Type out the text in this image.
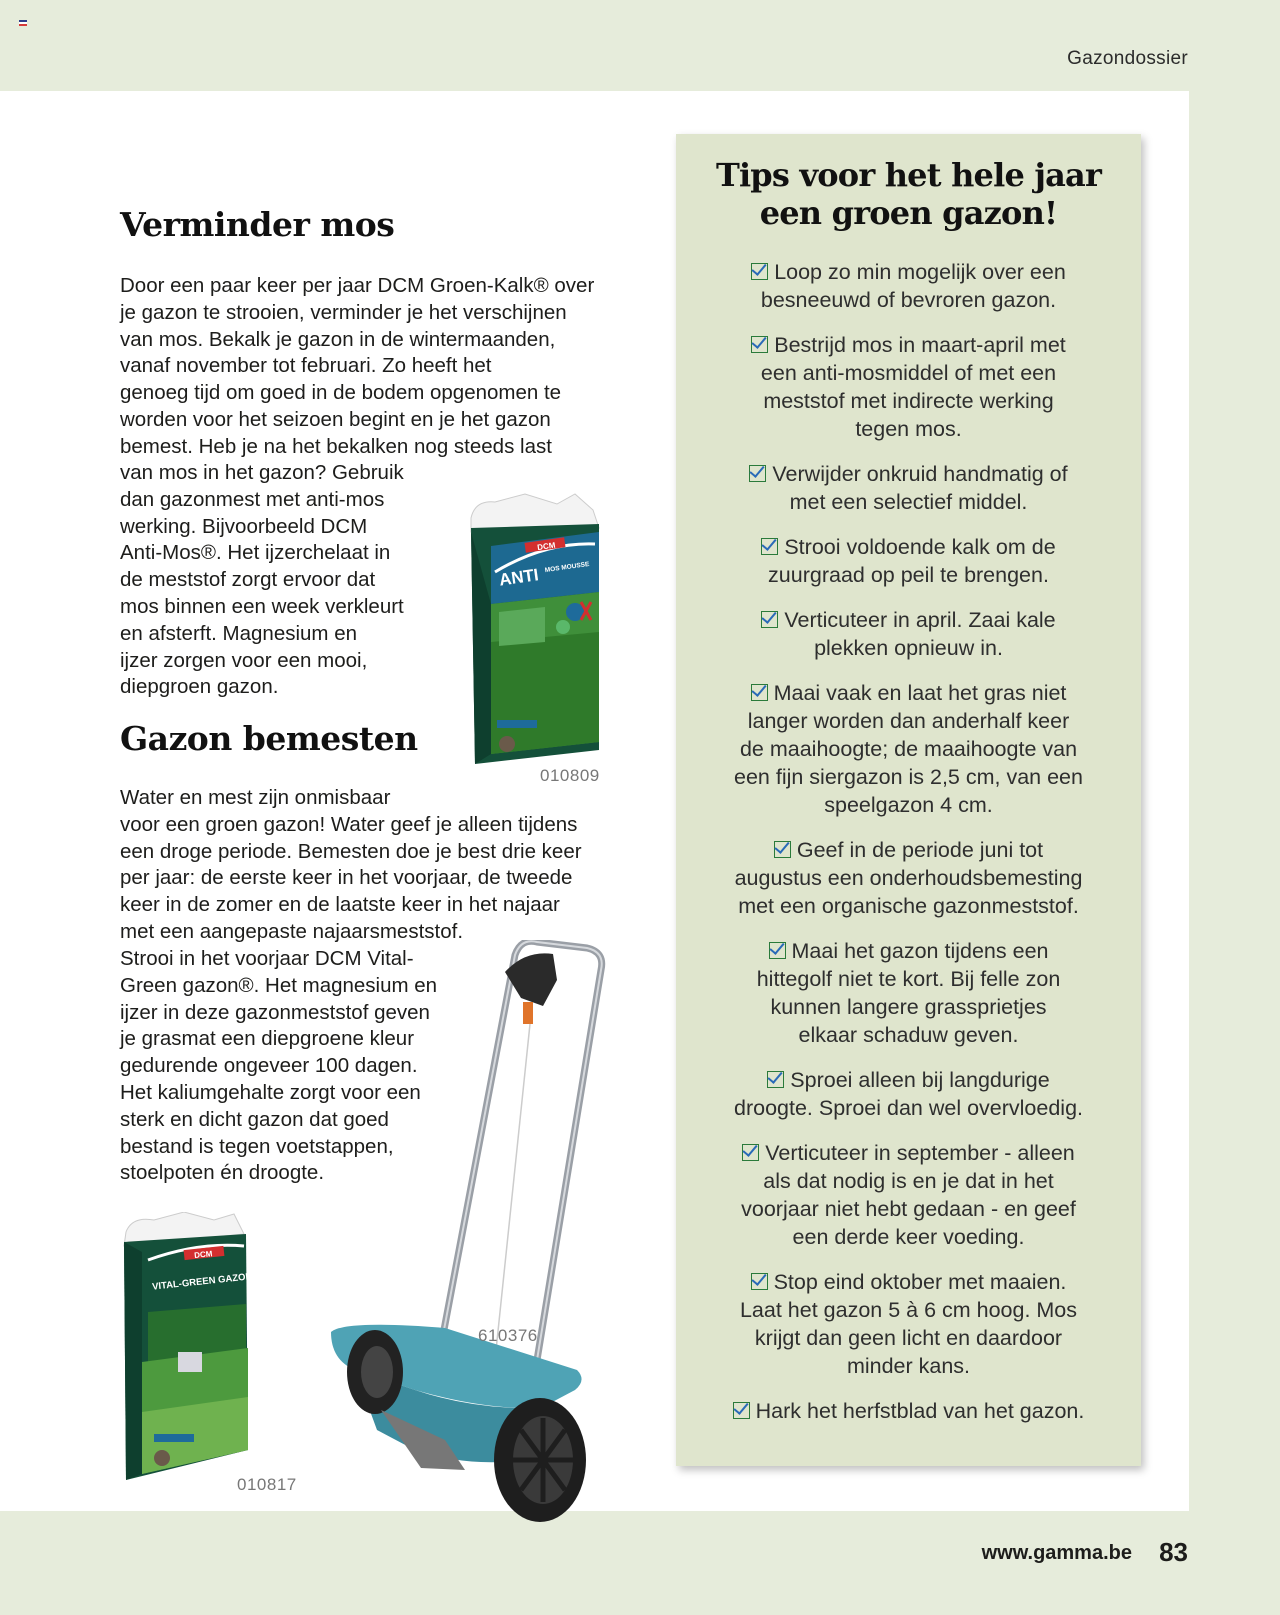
Gazondossier
Verminder mos

Door een paar keer per jaar DCM Groen-Kalk® over
je gazon te strooien, verminder je het verschijnen
van mos. Bekalk je gazon in de wintermaanden,
vanaf november tot februari. Zo heeft het
genoeg tijd om goed in de bodem opgenomen te
worden voor het seizoen begint en je het gazon
bemest. Heb je na het bekalken nog steeds last

van mos in het gazon? Gebruik
dan gazonmest met anti-mos
werking. Bijvoorbeeld DCM
Anti-Mos®. Het ijzerchelaat in
de meststof zorgt ervoor dat
mos binnen een week verkleurt
en afsterft. Magnesium en
ijzer zorgen voor een mooi,
diepgroen gazon.

DCM
ANTI MOS MOUSSE
010809
Gazon bemesten

Water en mest zijn onmisbaar
voor een groen gazon! Water geef je alleen tijdens
een droge periode. Bemesten doe je best drie keer
per jaar: de eerste keer in het voorjaar, de tweede
keer in de zomer en de laatste keer in het najaar
met een aangepaste najaarsmeststof.

Strooi in het voorjaar DCM Vital-
Green gazon®. Het magnesium en
ijzer in deze gazonmeststof geven
je grasmat een diepgroene kleur
gedurende ongeveer 100 dagen.
Het kaliumgehalte zorgt voor een
sterk en dicht gazon dat goed
bestand is tegen voetstappen,
stoelpoten én droogte.

610376
DCM
VITAL-GREEN GAZON
010817
Tips voor het hele jaar
een groen gazon!
Loop zo min mogelijk over een
besneeuwd of bevroren gazon.
Bestrijd mos in maart-april met
een anti-mosmiddel of met een
meststof met indirecte werking
tegen mos.
Verwijder onkruid handmatig of
met een selectief middel.
Strooi voldoende kalk om de
zuurgraad op peil te brengen.
Verticuteer in april. Zaai kale
plekken opnieuw in.
Maai vaak en laat het gras niet
langer worden dan anderhalf keer
de maaihoogte; de maaihoogte van
een fijn siergazon is 2,5 cm, van een
speelgazon 4 cm.
Geef in de periode juni tot
augustus een onderhoudsbemesting
met een organische gazonmeststof.
Maai het gazon tijdens een
hittegolf niet te kort. Bij felle zon
kunnen langere grassprietjes
elkaar schaduw geven.
Sproei alleen bij langdurige
droogte. Sproei dan wel overvloedig.
Verticuteer in september - alleen
als dat nodig is en je dat in het
voorjaar niet hebt gedaan - en geef
een derde keer voeding.
Stop eind oktober met maaien.
Laat het gazon 5 à 6 cm hoog. Mos
krijgt dan geen licht en daardoor
minder kans.
Hark het herfstblad van het gazon.
www.gamma.be 83
